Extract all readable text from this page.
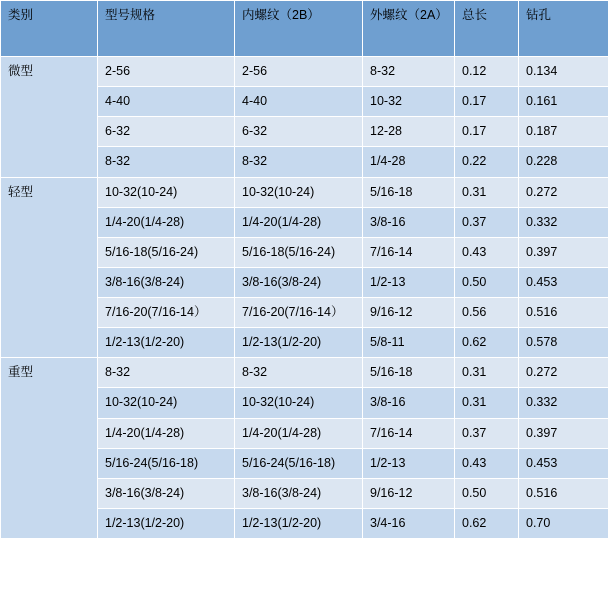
类别	型号规格	内螺纹（2B）	外螺纹（2A）	总长	钻孔
微型	2-56	2-56	8-32	0.12	0.134
	4-40	4-40	10-32	0.17	0.161
	6-32	6-32	12-28	0.17	0.187
	8-32	8-32	1/4-28	0.22	0.228
轻型	10-32(10-24)	10-32(10-24)	5/16-18	0.31	0.272
	1/4-20(1/4-28)	1/4-20(1/4-28)	3/8-16	0.37	0.332
	5/16-18(5/16-24)	5/16-18(5/16-24)	7/16-14	0.43	0.397
	3/8-16(3/8-24)	3/8-16(3/8-24)	1/2-13	0.50	0.453
	7/16-20(7/16-14）	7/16-20(7/16-14）	9/16-12	0.56	0.516
	1/2-13(1/2-20)	1/2-13(1/2-20)	5/8-11	0.62	0.578
重型	8-32	8-32	5/16-18	0.31	0.272
	10-32(10-24)	10-32(10-24)	3/8-16	0.31	0.332
	1/4-20(1/4-28)	1/4-20(1/4-28)	7/16-14	0.37	0.397
	5/16-24(5/16-18)	5/16-24(5/16-18)	1/2-13	0.43	0.453
	3/8-16(3/8-24)	3/8-16(3/8-24)	9/16-12	0.50	0.516
	1/2-13(1/2-20)	1/2-13(1/2-20)	3/4-16	0.62	0.70
